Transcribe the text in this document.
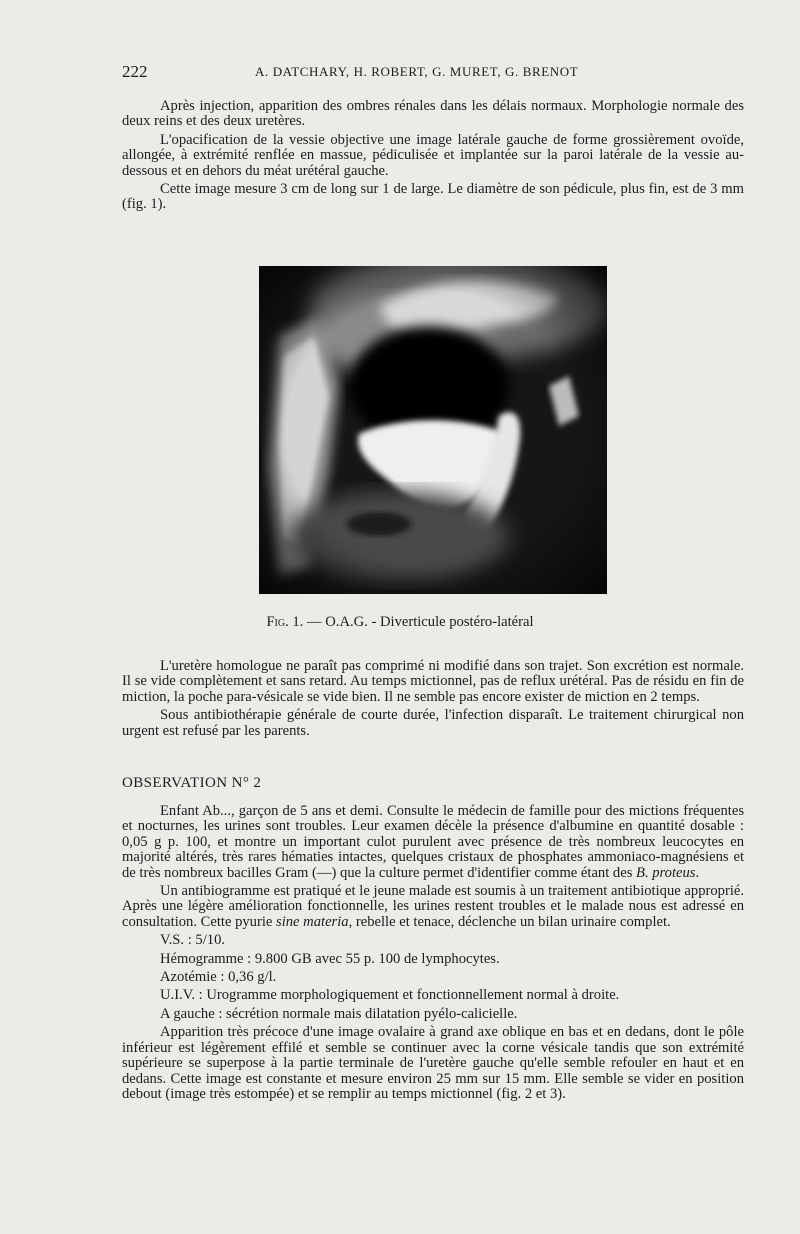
222	A. DATCHARY, H. ROBERT, G. MURET, G. BRENOT

Après injection, apparition des ombres rénales dans les délais normaux. Morphologie normale des deux reins et des deux uretères.

L'opacification de la vessie objective une image latérale gauche de forme grossièrement ovoïde, allongée, à extrémité renflée en massue, pédiculisée et implantée sur la paroi latérale de la vessie au-dessous et en dehors du méat urétéral gauche.

Cette image mesure 3 cm de long sur 1 de large. Le diamètre de son pédicule, plus fin, est de 3 mm (fig. 1).

Fig. 1. — O.A.G. - Diverticule postéro-latéral

L'uretère homologue ne paraît pas comprimé ni modifié dans son trajet. Son excrétion est normale. Il se vide complètement et sans retard. Au temps mictionnel, pas de reflux urétéral. Pas de résidu en fin de miction, la poche para-vésicale se vide bien. Il ne semble pas encore exister de miction en 2 temps.

Sous antibiothérapie générale de courte durée, l'infection disparaît. Le traitement chirurgical non urgent est refusé par les parents.

OBSERVATION N° 2

Enfant Ab..., garçon de 5 ans et demi. Consulte le médecin de famille pour des mictions fréquentes et nocturnes, les urines sont troubles. Leur examen décèle la présence d'albumine en quantité dosable : 0,05 g p. 100, et montre un important culot purulent avec présence de très nombreux leucocytes en majorité altérés, très rares hématies intactes, quelques cristaux de phosphates ammoniaco-magnésiens et de très nombreux bacilles Gram (—) que la culture permet d'identifier comme étant des B. proteus.

Un antibiogramme est pratiqué et le jeune malade est soumis à un traitement antibiotique approprié. Après une légère amélioration fonctionnelle, les urines restent troubles et le malade nous est adressé en consultation. Cette pyurie sine materia, rebelle et tenace, déclenche un bilan urinaire complet.

V.S. : 5/10.

Hémogramme : 9.800 GB avec 55 p. 100 de lymphocytes.

Azotémie : 0,36 g/l.

U.I.V. : Urogramme morphologiquement et fonctionnellement normal à droite.

A gauche : sécrétion normale mais dilatation pyélo-calicielle.

Apparition très précoce d'une image ovalaire à grand axe oblique en bas et en dedans, dont le pôle inférieur est légèrement effilé et semble se continuer avec la corne vésicale tandis que son extrémité supérieure se superpose à la partie terminale de l'uretère gauche qu'elle semble refouler en haut et en dedans. Cette image est constante et mesure environ 25 mm sur 15 mm. Elle semble se vider en position debout (image très estompée) et se remplir au temps mictionnel (fig. 2 et 3).
